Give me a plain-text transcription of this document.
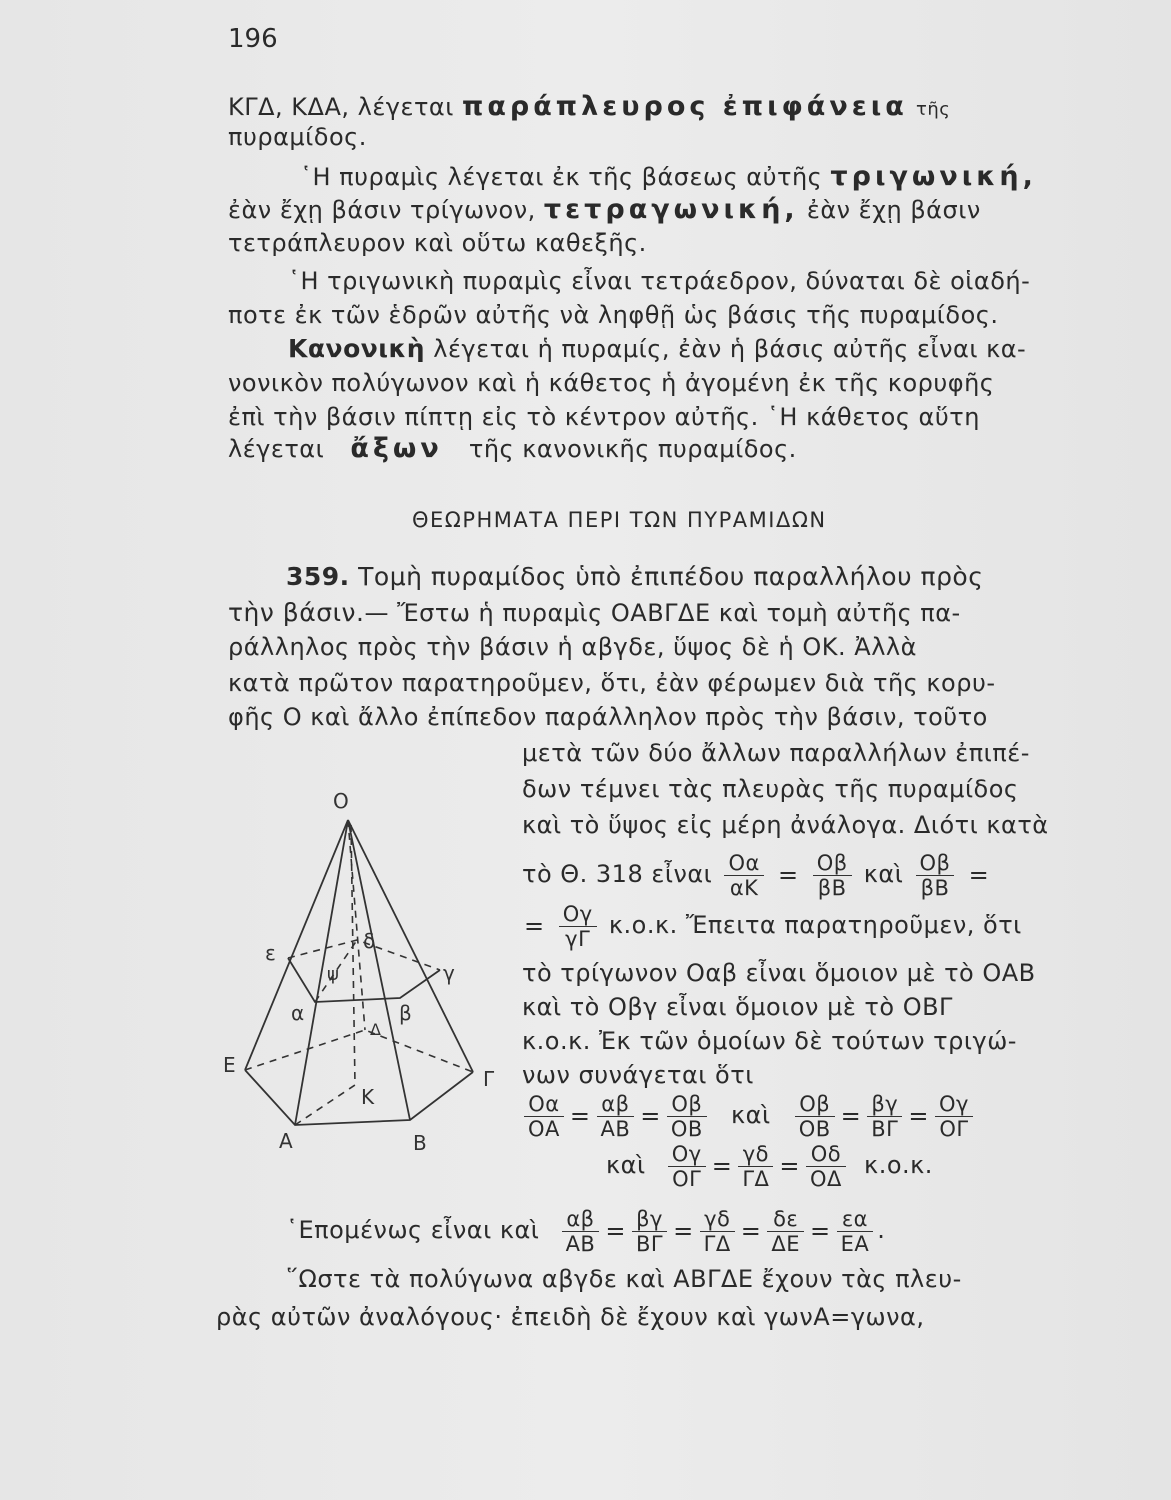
196
ΚΓΔ, ΚΔΑ, λέγεται παράπλευρος ἐπιφάνεια τῆς
πυραμίδος.
῾Η πυραμὶς λέγεται ἐκ τῆς βάσεως αὐτῆς τριγωνική,
ἐὰν ἔχῃ βάσιν τρίγωνον, τετραγωνική, ἐὰν ἔχῃ βάσιν
τετράπλευρον καὶ οὕτω καθεξῆς.
῾Η τριγωνικὴ πυραμὶς εἶναι τετράεδρον, δύναται δὲ οἱαδή-
ποτε ἐκ τῶν ἑδρῶν αὐτῆς νὰ ληφθῇ ὡς βάσις τῆς πυραμίδος.
Κανονικὴ λέγεται ἡ πυραμίς, ἐὰν ἡ βάσις αὐτῆς εἶναι κα-
νονικὸν πολύγωνον καὶ ἡ κάθετος ἡ ἀγομένη ἐκ τῆς κορυφῆς
ἐπὶ τὴν βάσιν πίπτῃ εἰς τὸ κέντρον αὐτῆς. ῾Η κάθετος αὕτη
λέγεται ἄξων τῆς κανονικῆς πυραμίδος.
ΘΕΩΡΗΜΑΤΑ ΠΕΡΙ ΤΩΝ ΠΥΡΑΜΙΔΩΝ
359. Τομὴ πυραμίδος ὑπὸ ἐπιπέδου παραλλήλου πρὸς
τὴν βάσιν.— Ἔστω ἡ πυραμὶς ΟΑΒΓΔΕ καὶ τομὴ αὐτῆς πα-
ράλληλος πρὸς τὴν βάσιν ἡ αβγδε, ὕψος δὲ ἡ ΟΚ. Ἀλλὰ
κατὰ πρῶτον παρατηροῦμεν, ὅτι, ἐὰν φέρωμεν διὰ τῆς κορυ-
φῆς Ο καὶ ἄλλο ἐπίπεδον παράλληλον πρὸς τὴν βάσιν, τοῦτο
μετὰ τῶν δύο ἄλλων παραλλήλων ἐπιπέ-
δων τέμνει τὰς πλευρὰς τῆς πυραμίδος
καὶ τὸ ὕψος εἰς μέρη ἀνάλογα. Διότι κατὰ
τὸ Θ. 318 εἶναι $\frac{O\alpha}{\alpha K} = \frac{O\beta}{\beta B}$ καὶ $\frac{O\beta}{\beta B}$ =
= $\frac{O\gamma}{\gamma\Gamma} \kappa.o.\kappa$. Ἔπειτα παρατηροῦμεν, ὅτι
τὸ τρίγωνον Οαβ εἶναι ὅμοιον μὲ τὸ ΟΑΒ
καὶ τὸ Οβγ εἶναι ὅμοιον μὲ τὸ ΟΒΓ
κ.ο.κ. Ἐκ τῶν ὁμοίων δὲ τούτων τριγώ-
νων συνάγεται ὅτι
$\frac{O\alpha}{OA} = \frac{\alpha\beta}{AB} = \frac{O\beta}{OB}$ καὶ $\frac{O\beta}{OB} = \frac{\beta\gamma}{B\Gamma} = \frac{O\gamma}{O\Gamma}$
καὶ $\frac{O\gamma}{O\Gamma} = \frac{\gamma\delta}{\Gamma\Delta} = \frac{O\delta}{O\Delta} \kappa.o.\kappa$.
῾Επομένως εἶναι καὶ $\frac{\alpha\beta}{AB} = \frac{\beta\gamma}{B\Gamma} = \frac{\gamma\delta}{\Gamma\Delta} = \frac{\delta\varepsilon}{\Delta E} = \frac{\varepsilon\alpha}{EA}$ .
῞Ωστε τὰ πολύγωνα αβγδε καὶ ΑΒΓΔΕ ἔχουν τὰς πλευ-
ρὰς αὐτῶν ἀναλόγους· ἐπειδὴ δὲ ἔχουν καὶ γωνΑ=γωνα,
Ο
Κ
Α	Β
Γ
Ε
α	β
γ
δ
ε
Δ
ψ
